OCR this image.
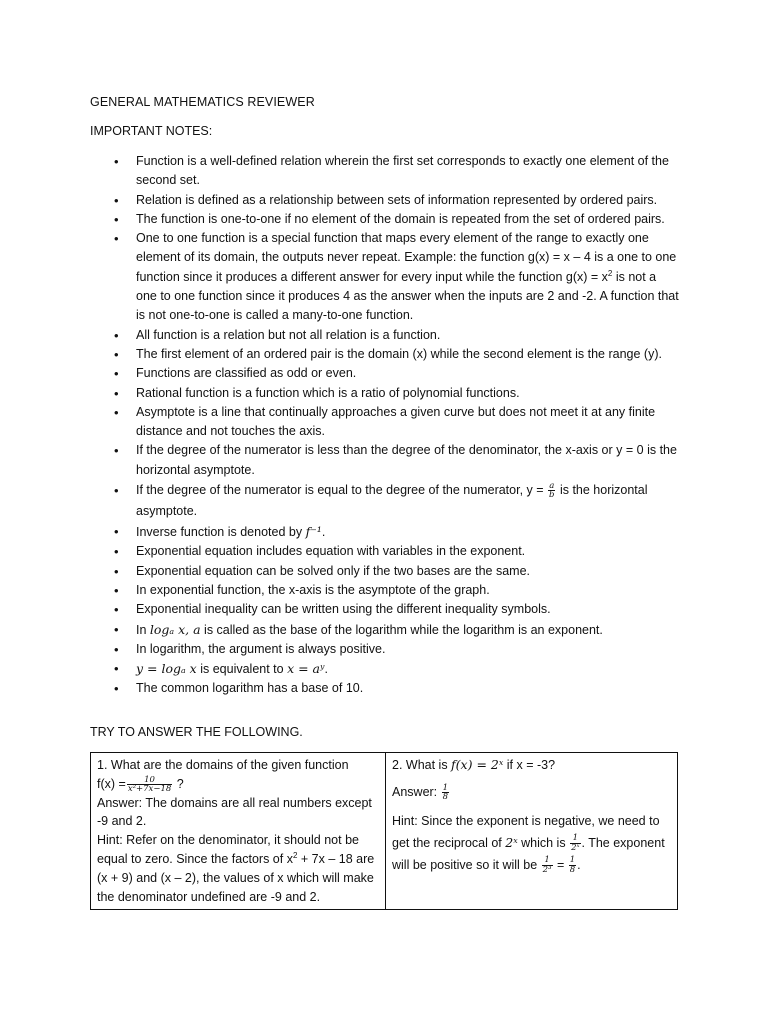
GENERAL MATHEMATICS REVIEWER
IMPORTANT NOTES:
• Function is a well-defined relation wherein the first set corresponds to exactly one element of the second set.
• Relation is defined as a relationship between sets of information represented by ordered pairs.
• The function is one-to-one if no element of the domain is repeated from the set of ordered pairs.
• One to one function is a special function that maps every element of the range to exactly one element of its domain, the outputs never repeat. Example: the function g(x) = x – 4 is a one to one function since it produces a different answer for every input while the function $g(x) = x^2$ is not a one to one function since it produces 4 as the answer when the inputs are 2 and -2. A function that is not one-to-one is called a many-to-one function.
• All function is a relation but not all relation is a function.
• The first element of an ordered pair is the domain (x) while the second element is the range (y).
• Functions are classified as odd or even.
• Rational function is a function which is a ratio of polynomial functions.
• Asymptote is a line that continually approaches a given curve but does not meet it at any finite distance and not touches the axis.
• If the degree of the numerator is less than the degree of the denominator, the x-axis or y = 0 is the horizontal asymptote.
• If the degree of the numerator is equal to the degree of the numerator, $y = \frac{a}{b}$ is the horizontal asymptote.
• Inverse function is denoted by f⁻¹.
• Exponential equation includes equation with variables in the exponent.
• Exponential equation can be solved only if the two bases are the same.
• In exponential function, the x-axis is the asymptote of the graph.
• Exponential inequality can be written using the different inequality symbols.
• In logₐ x, a is called as the base of the logarithm while the logarithm is an exponent.
• In logarithm, the argument is always positive.
• y = logₐ x is equivalent to x = aʸ.
• The common logarithm has a base of 10.
TRY TO ANSWER THE FOLLOWING.
1. What are the domains of the given function
$f(x) = \frac{10}{\text{x²+7x−18}}$ ?
Answer: The domains are all real numbers except -9 and 2.
Hint: Refer on the denominator, it should not be equal to zero. Since the factors of $x^2 + 7x - 18$ are (x + 9) and (x – 2), the values of x which will make the denominator undefined are -9 and 2.

2. What is f(x) = 2ˣ if x = -3?
Answer: $\frac{1}{8}$
Hint: Since the exponent is negative, we need to get the reciprocal of 2ˣ which is $\frac{1}{\text{2ˣ}}$ . The exponent will be positive so it will be $\frac{1}{\text{2³}} = \frac{1}{8}$ .
